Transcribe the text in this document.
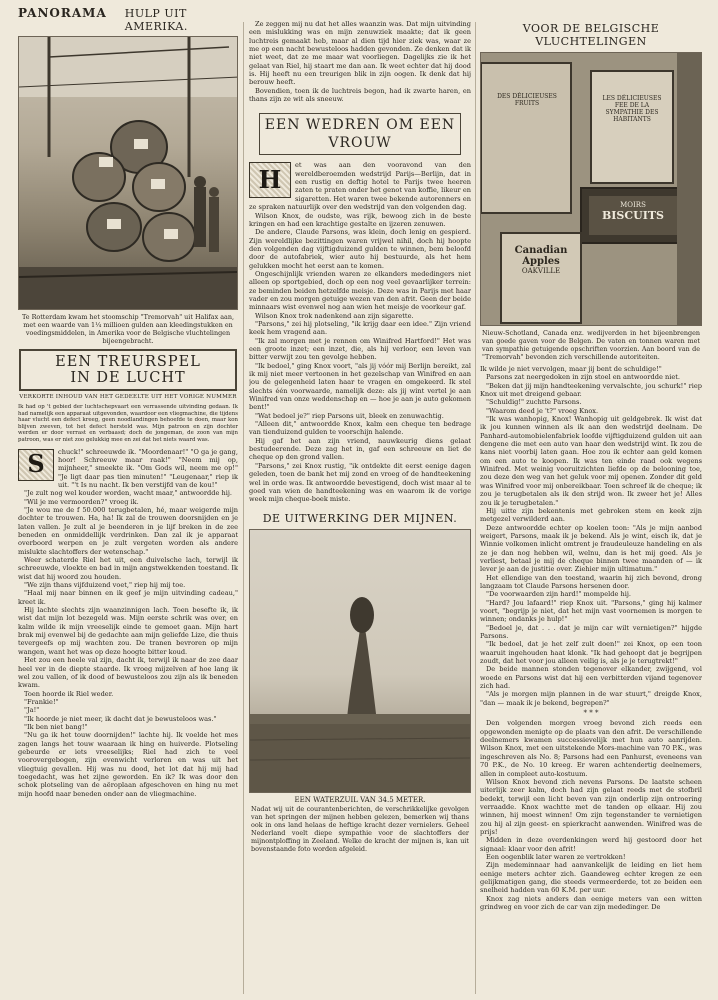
PANORAMA	HULP UIT AMERIKA.
Te Rotterdam kwam het stoomschip "Tremorvah" uit Halifax aan, met een waarde van 1¼ millioen gulden aan kleedingstukken en voedingsmiddelen, in Amerika voor de Belgische vluchtelingen bijeengebracht.
EEN TREURSPEL
IN DE LUCHT
VERKORTE INHOUD VAN HET GEDEELTE UIT HET VORIGE NUMMER

Ik had op 't gebied der luchtschepvaart een verrassende uitvinding gedaan. Ik had namelijk een apparaat uitgevonden, waardoor een vliegmachine, die tijdens haar vlucht een defect kreeg, geen noodlandingen behoefde te doen, maar kon blijven zweven, tot het defect hersteld was. Mijn patroon en zijn dochter werden er door verrast en verbaasd; doch de jongeman, de zoon van mijn patroon, was er niet zoo gelukkig mee en zei dat het niets waard was.

S	chuck!" schreeuwde ik. "Moordenaar!" "O ga je gang, hoor! Schreeuw maar raak!" "Neem mij op, mijnheer," smeekte ik. "Om Gods wil, neem me op!" "Je ligt daar pas tien minuten!" "Leugenaar," riep ik uit. "'t Is nu nacht. Ik ben verstijfd van de kou!"

"Je zult nog wel kouder worden, wacht maar," antwoordde hij.

"Wil je me vermoorden?" vroeg ik.

"Je wou me de f 50.000 terugbetalen, hé, maar weigerde mijn dochter te trouwen. Ha, ha! Ik zal de trouwen doorsnijden en je laten vallen. Je zult al je beenderen in je lijf breken in de zee beneden en onmiddellijk verdrinken. Dan zal ik je apparaat overboord werpen en je zult vergeten worden als andere mislukte slachtoffers der wetenschap."

Weer schaterde Riel het uit, een duivelsche lach, terwijl ik schreeuwde, vloekte en bad in mijn angstwekkenden toestand. Ik wist dat hij woord zou houden.

"We zijn thans vijfduizend voet," riep hij mij toe.

"Haal mij naar binnen en ik geef je mijn uitvinding cadeau," kreet ik.

Hij lachte slechts zijn waanzinnigen lach. Toen besefte ik, ik wist dat mijn lot bezegeld was. Mijn eerste schrik was over, en kalm wilde ik mijn vreeselijk einde te gemoet gaan. Mijn hart brak mij evenwel bij de gedachte aan mijn geliefde Lize, die thuis tevergeefs op mij wachten zou. De tranen bevroren op mijn wangen, want het was op deze hoogte bitter koud.

Het zou een heele val zijn, dacht ik, terwijl ik naar de zee daar heel ver in de diepte staarde. Ik vroeg mijzelven af hoe lang ik wel zou vallen, of ik dood of bewusteloos zou zijn als ik beneden kwam.

Toen hoorde ik Riel weder.

"Frankie!"

"Ja!"

"Ik hoorde je niet meer, ik dacht dat je bewusteloos was."

"Ik ben niet bang!"

"Nu ga ik het touw doornijden!" lachte hij. Ik voelde het mes zagen langs het touw waaraan ik hing en huiverde. Plotseling gebeurde er iets vreeselijks; Riel had zich te veel voorovergebogen, zijn evenwicht verloren en was uit het vliegtuig gevallen. Hij was nu dood, het lot dat hij mij had toegedacht, was het zijne geworden. En ik? Ik was door den schok plotseling van de aëroplaan afgeschoven en hing nu met mijn hoofd naar beneden onder aan de vliegmachine.

Ze zeggen mij nu dat het alles waanzin was. Dat mijn uitvinding een mislukking was en mijn zenuwziek maakte; dat ik geen luchtreis gemaakt heb, maar al dien tijd hier ziek was, waar ze me op een nacht bewusteloos hadden gevonden. Ze denken dat ik niet weet, dat ze me maar wat voorliegen. Dagelijks zie ik het gelaat van Riel, hij staart me dan aan. Ik weet echter dat hij dood is. Hij heeft nu een treurigen blik in zijn oogen. Ik denk dat hij berouw heeft.

Bovendien, toen ik de luchtreis begon, had ik zwarte haren, en thans zijn ze wit als sneeuw.

EEN WEDREN OM EEN
VROUW
H	et was aan den vooravond van den wereldberoemden wedstrijd Parijs—Berlijn, dat in een rustig en deftig hotel te Parijs twee heeren zaten te praten onder het genot van koffie, likeur en sigaretten. Het waren twee bekende autorenners en ze spraken natuurlijk over den wedstrijd van den volgenden dag.

Wilson Knox, de oudste, was rijk, bewoog zich in de beste kringen en had een krachtige gestalte en ijzeren zenuwen.

De andere, Claude Parsons, was klein, doch lenig en gespierd. Zijn wereldlijke bezittingen waren vrijwel nihil, doch hij hoopte den volgenden dag vijftigduizend gulden te winnen, bem beloofd door de autofabriek, wier auto hij bestuurde, als het hem gelukken mocht het eerst aan te komen.

Ongeschijnlijk vrienden waren ze elkanders mededingers niet alleen op sportgebied, doch op een nog veel gevaarlijker terrein: ze beminden beiden hetzelfde meisje. Deze was in Parijs met haar vader en zou morgen getuige wezen van den afrit. Geen der beide minnaars wist evenwel nog aan wien het meisje de voorkeur gaf.

Wilson Knox trok nadenkend aan zijn sigarette.

"Parsons," zei hij plotseling, "ik krijg daar een idee." Zijn vriend keek hem vragend aan.

"Ik zal morgen met je rennen om Winifred Hartford!" Het was een groote inzet; een inzet, die, als hij verloor, een leven van bitter verwijt zou ten gevolge hebben.

"Ik bedoel," ging Knox voort, "als jij vóór mij Berlijn bereikt, zal ik mij niet meer vertoonen in het gezelschap van Winifred en aan jou de gelegenheid laten haar te vragen en omgekeerd. Ik stel slechts één voorwaarde, namelijk deze: als jij wint vertel je aan Winifred van onze weddenschap en — hoe je aan je auto gekomen bent!"

"Wat bedoel je?" riep Parsons uit, bleek en zenuwachtig.

"Alleen dit," antwoordde Knox, kalm een cheque ten bedrage van tienduizend gulden te voorschijn halende.

Hij gaf het aan zijn vriend, nauwkeurig diens gelaat bestudeerende. Deze zag het in, gaf een schreeuw en liet de cheque op den grond vallen.

"Parsons," zei Knox rustig, "ik ontdekte dit eerst eenige dagen geleden, toen de bank het mij zond en vroeg of de handteekening wel in orde was. Ik antwoordde bevestigend, doch wist maar al te goed van wien de handteekening was en waarom ik de vorige week mijn cheque-boek miste.

DE UITWERKING DER MIJNEN.
EEN WATERZUIL VAN 34.5 METER.
Nadat wij uit de courantenberichten, de verschrikkelijke gevolgen van het springen der mijnen hebben gelezen, bemerken wij thans ook in ons land helaas de heftige kracht dezer vernielers. Geheel Nederland voelt diepe sympathie voor de slachtoffers der mijnontploffing in Zeeland. Welke de kracht der mijnen is, kan uit bovenstaande foto worden afgeleid.
VOOR DE BELGISCHE VLUCHTELINGEN
DES DÉLICIEUSES FRUITS
LES DÉLICIEUSES FEE DE LA SYMPATHIE DES HABITANTS
MOIRS
BISCUITS
Canadian
Apples
OAKVILLE
Nieuw-Schotland, Canada enz. wedijverden in het bijeenbrengen van goede gaven voor de Belgen. De vaten en tonnen waren met van sympathie getuigende opschriften voorzien. Aan boord van de "Tremorvah" bevonden zich verschillende autoriteiten.

Ik wilde je niet vervolgen, maar jij bent de schuldige!"

Parsons zat neergedoken in zijn stoel en antwoordde niet.

"Beken dat jij mijn handteekening vervalschte, jou schurk!" riep Knox uit met dreigend gebaar.

"Schuldig!" zuchtte Parsons.

"Waarom deed je 't?" vroeg Knox.

"Ik was wanhopig, Knox! Wanhopig uit geldgebrek. Ik wist dat ik jou kunnen winnen als ik aan den wedstrijd deelnam. De Panhard-automobielenfabriek loofde vijftigduizend gulden uit aan dengene die met een auto van haar den wedstrijd wint. Ik zou de kans niet voorbij laten gaan. Hoe zou ik echter aan geld komen om een auto te koopen. Ik was ten einde raad ook wegens Winifred. Met weinig vooruitzichten liefde op de belooning toe, zou deze den weg van het geluk voor mij openen. Zonder dit geld was Winifred voor mij onbereikbaar. Toen schreef ik de cheque; ik zou je terugbetalen als ik den strijd won. Ik zweer het je! Alles zou ik je terugbetalen."

Hij uitte zijn bekentenis met gebroken stem en keek zijn metgezel verwilderd aan.

Deze antwoordde echter op koelen toon: "Als je mijn aanbod weigert, Parsons, maak ik je bekend. Als je wint, eisch ik, dat je Winnie volkomen inlicht omtrent je fraudeuleuze handeling en als ze je dan nog hebben wil, welnu, dan is het mij goed. Als je verliest, betaal je mij de cheque binnen twee maanden of — ik lever je aan de justitie over. Ziehier mijn ultimatum."

Het ellendige van den toestand, waarin hij zich bevond, drong langzaam tot Claude Parsons hersenen door.

"De voorwaarden zijn hard!" mompelde hij.

"Hard? Jou lafaard!" riep Knox uit. "Parsons," ging hij kalmer voort, "begrijp je niet, dat het mijn vast voornemen is morgen te winnen; ondanks je hulp!"

"Bedoel je, dat . . . dat je mijn car wilt vernietigen?" hijgde Parsons.

"Ik bedoel, dat je het zelf zult doen!" zei Knox, op een toon waaruit ingehouden haat klonk. "Ik had gehoopt dat je begrijpen zoudt, dat het voor jou alleen veilig is, als je je terugtrekt!"

De beide mannen stonden tegenover elkander, zwijgend, vol woede en Parsons wist dat hij een verbitterden vijand tegenover zich had.

"Als je morgen mijn plannen in de war stuurt," dreigde Knox, "dan — maak ik je bekend, begrepen?"

* * *

Den volgenden morgen vroeg bevond zich reeds een opgewonden menigte op de plaats van den afrit. De verschillende deelnemers kwamen successievelijk met hun auto aanrijden. Wilson Knox, met een uitstekende Mors-machine van 70 P.K., was ingeschreven als No. 8; Parsons had een Panhurst, eveneens van 70 P.K., de No. 10 kreeg. Er waren achtendertig deelnemers, allen in compleet auto-kostuum.

Wilson Knox bevond zich nevens Parsons. De laatste scheen uiterlijk zeer kalm, doch had zijn gelaat reeds met de stofbril bedekt, terwijl een licht beven van zijn onderlip zijn ontroering verraadde. Knox wachtte met de tanden op elkaar. Hij zou winnen, hij moest winnen! Om zijn tegenstander te vernietigen zou hij al zijn geest- en spierkracht aanwenden. Winifred was de prijs!

Midden in deze overdenkingen werd hij gestoord door het signaal: klaar voor den afrit!

Een oogenblik later waren ze vertrokken!

Zijn medeminnaar had aanvankelijk de leiding en liet hem eenige meters achter zich. Gaandeweg echter kregen ze een gelijkmatigen gang, die steeds vermeerderde, tot ze beiden een snelheid hadden van 60 K.M. per uur.

Knox zag niets anders dan eenige meters van een witten grindweg en voor zich de car van zijn mededinger. De
